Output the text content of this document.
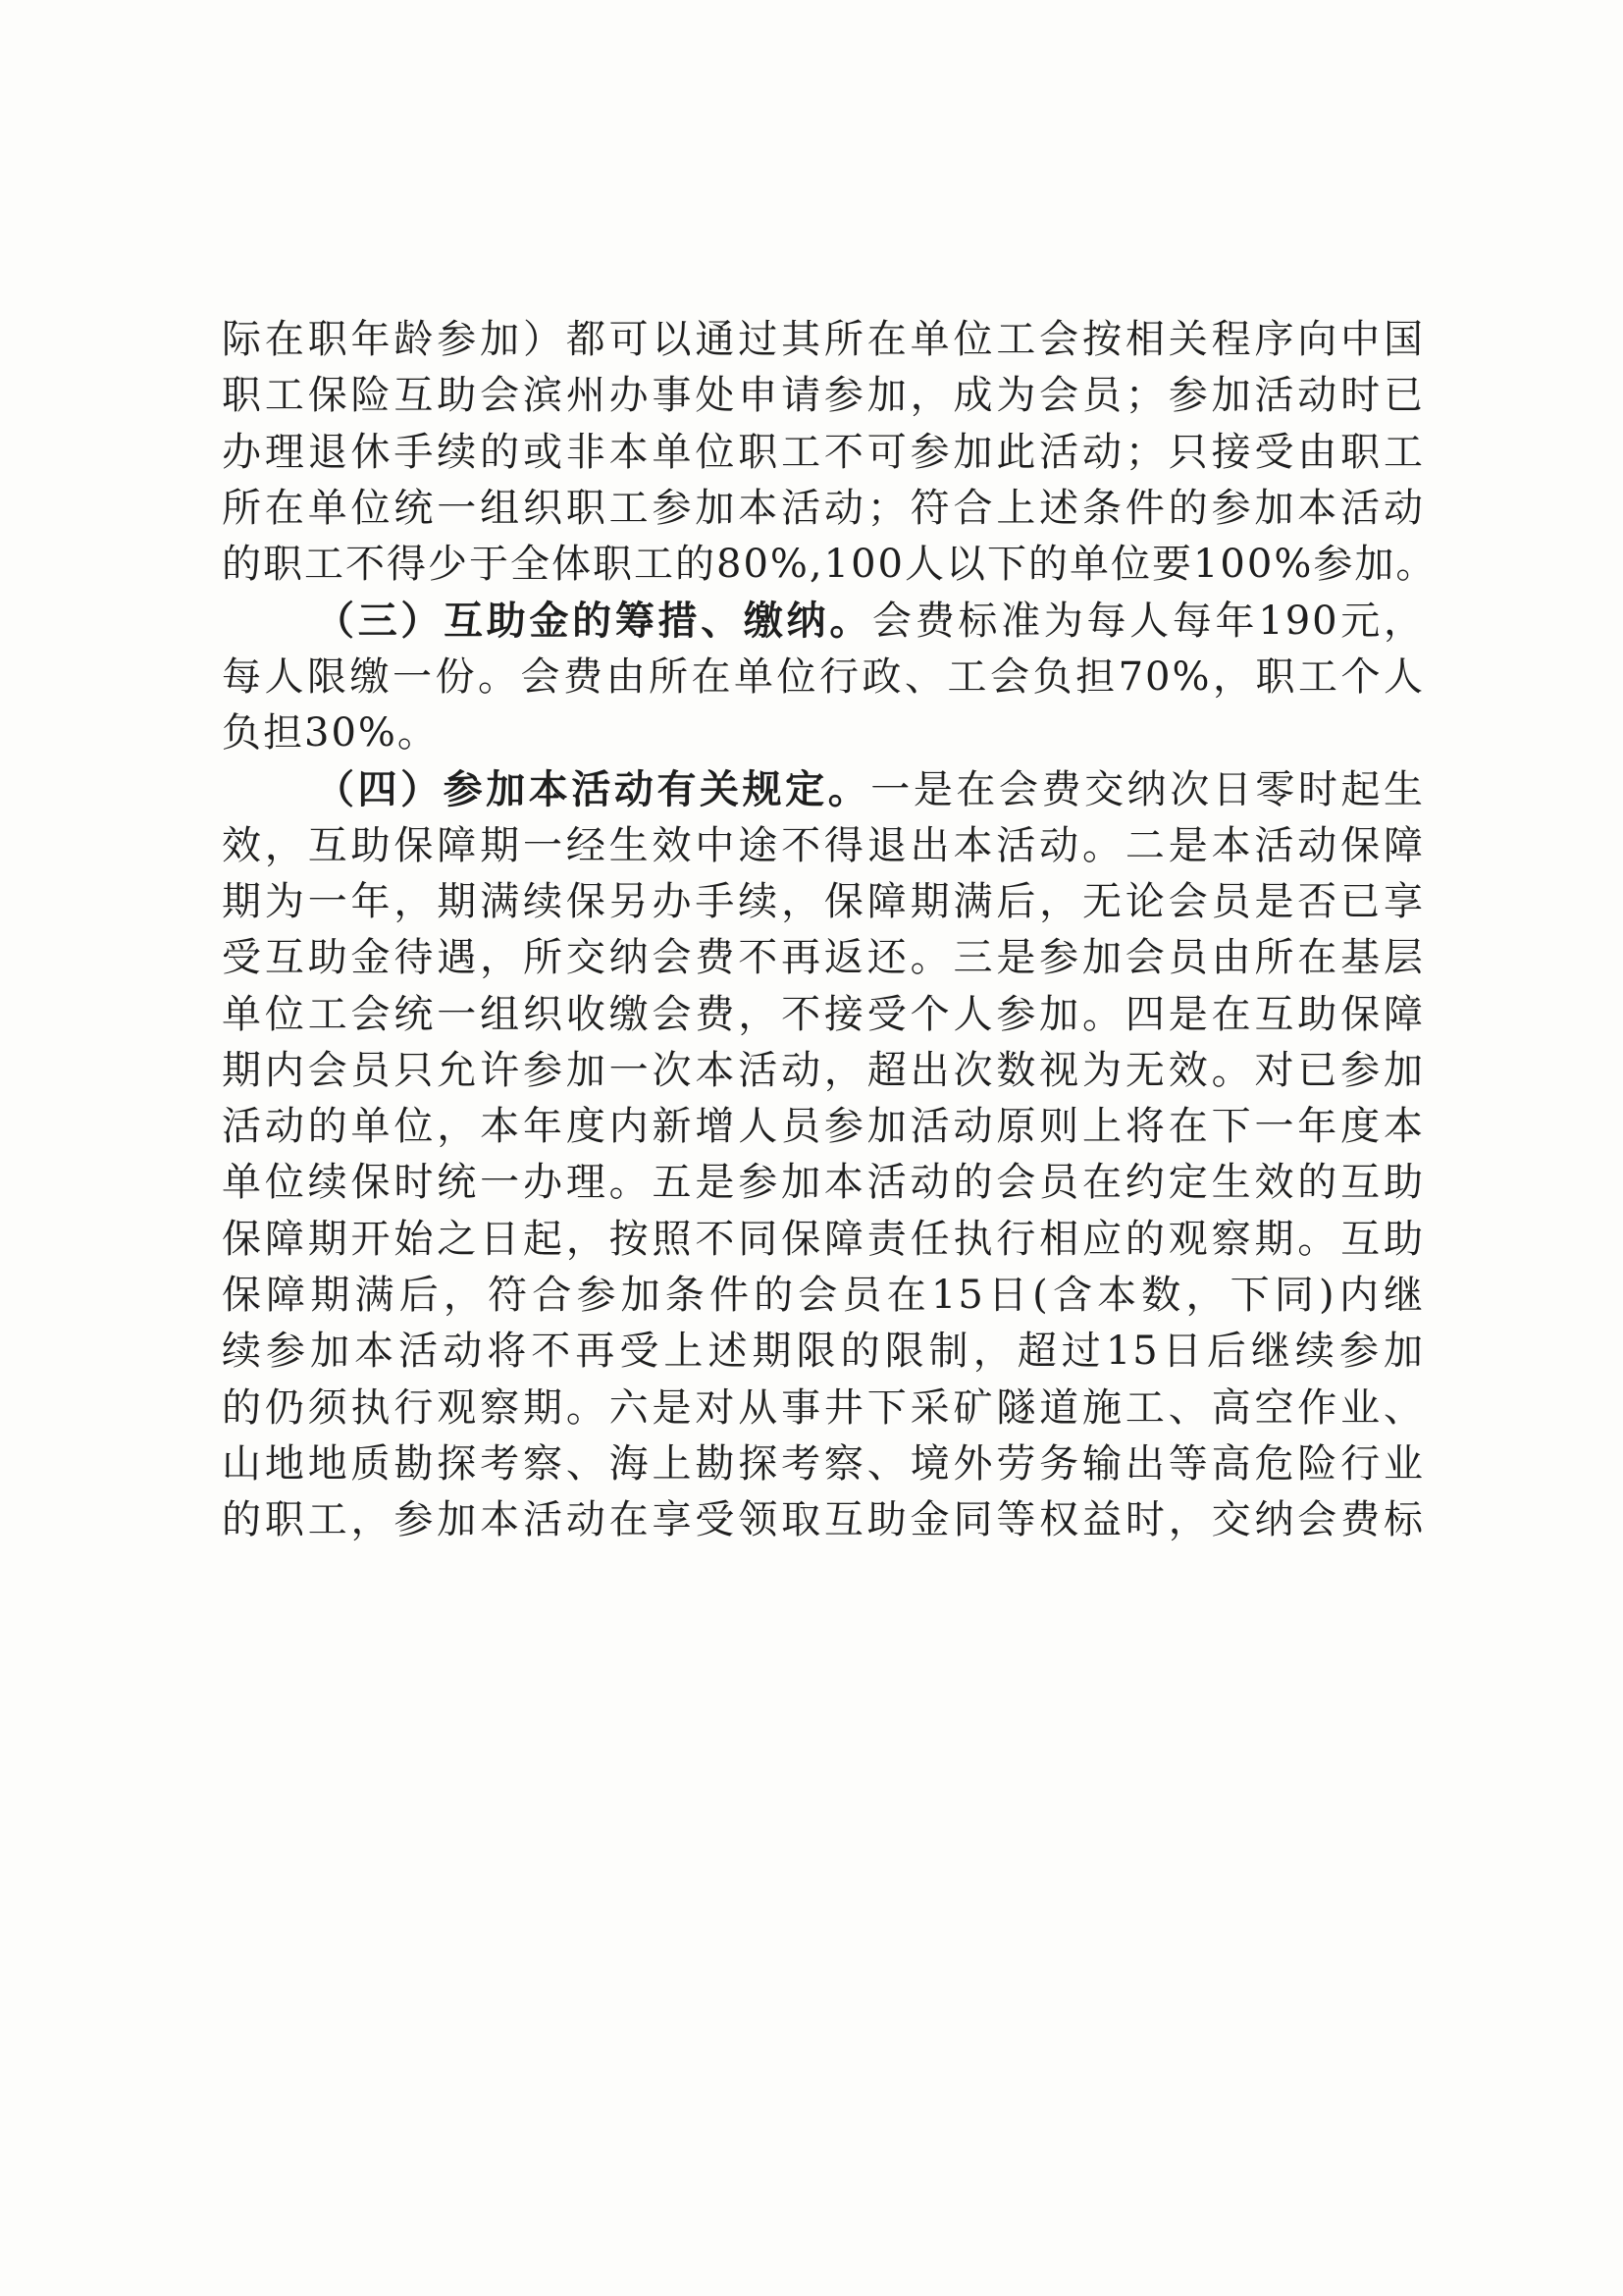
际在职年龄参加）都可以通过其所在单位工会按相关程序向中国
职工保险互助会滨州办事处申请参加，成为会员；参加活动时已
办理退休手续的或非本单位职工不可参加此活动；只接受由职工
所在单位统一组织职工参加本活动；符合上述条件的参加本活动
的职工不得少于全体职工的80%,100人以下的单位要100%参加。
（三）互助金的筹措、缴纳。会费标准为每人每年190元，
每人限缴一份。会费由所在单位行政、工会负担70%，职工个人
负担30%。
（四）参加本活动有关规定。一是在会费交纳次日零时起生
效，互助保障期一经生效中途不得退出本活动。二是本活动保障
期为一年，期满续保另办手续，保障期满后，无论会员是否已享
受互助金待遇，所交纳会费不再返还。三是参加会员由所在基层
单位工会统一组织收缴会费，不接受个人参加。四是在互助保障
期内会员只允许参加一次本活动，超出次数视为无效。对已参加
活动的单位，本年度内新增人员参加活动原则上将在下一年度本
单位续保时统一办理。五是参加本活动的会员在约定生效的互助
保障期开始之日起，按照不同保障责任执行相应的观察期。互助
保障期满后，符合参加条件的会员在15日(含本数，下同)内继
续参加本活动将不再受上述期限的限制，超过15日后继续参加
的仍须执行观察期。六是对从事井下采矿隧道施工、高空作业、
山地地质勘探考察、海上勘探考察、境外劳务输出等高危险行业
的职工，参加本活动在享受领取互助金同等权益时，交纳会费标
